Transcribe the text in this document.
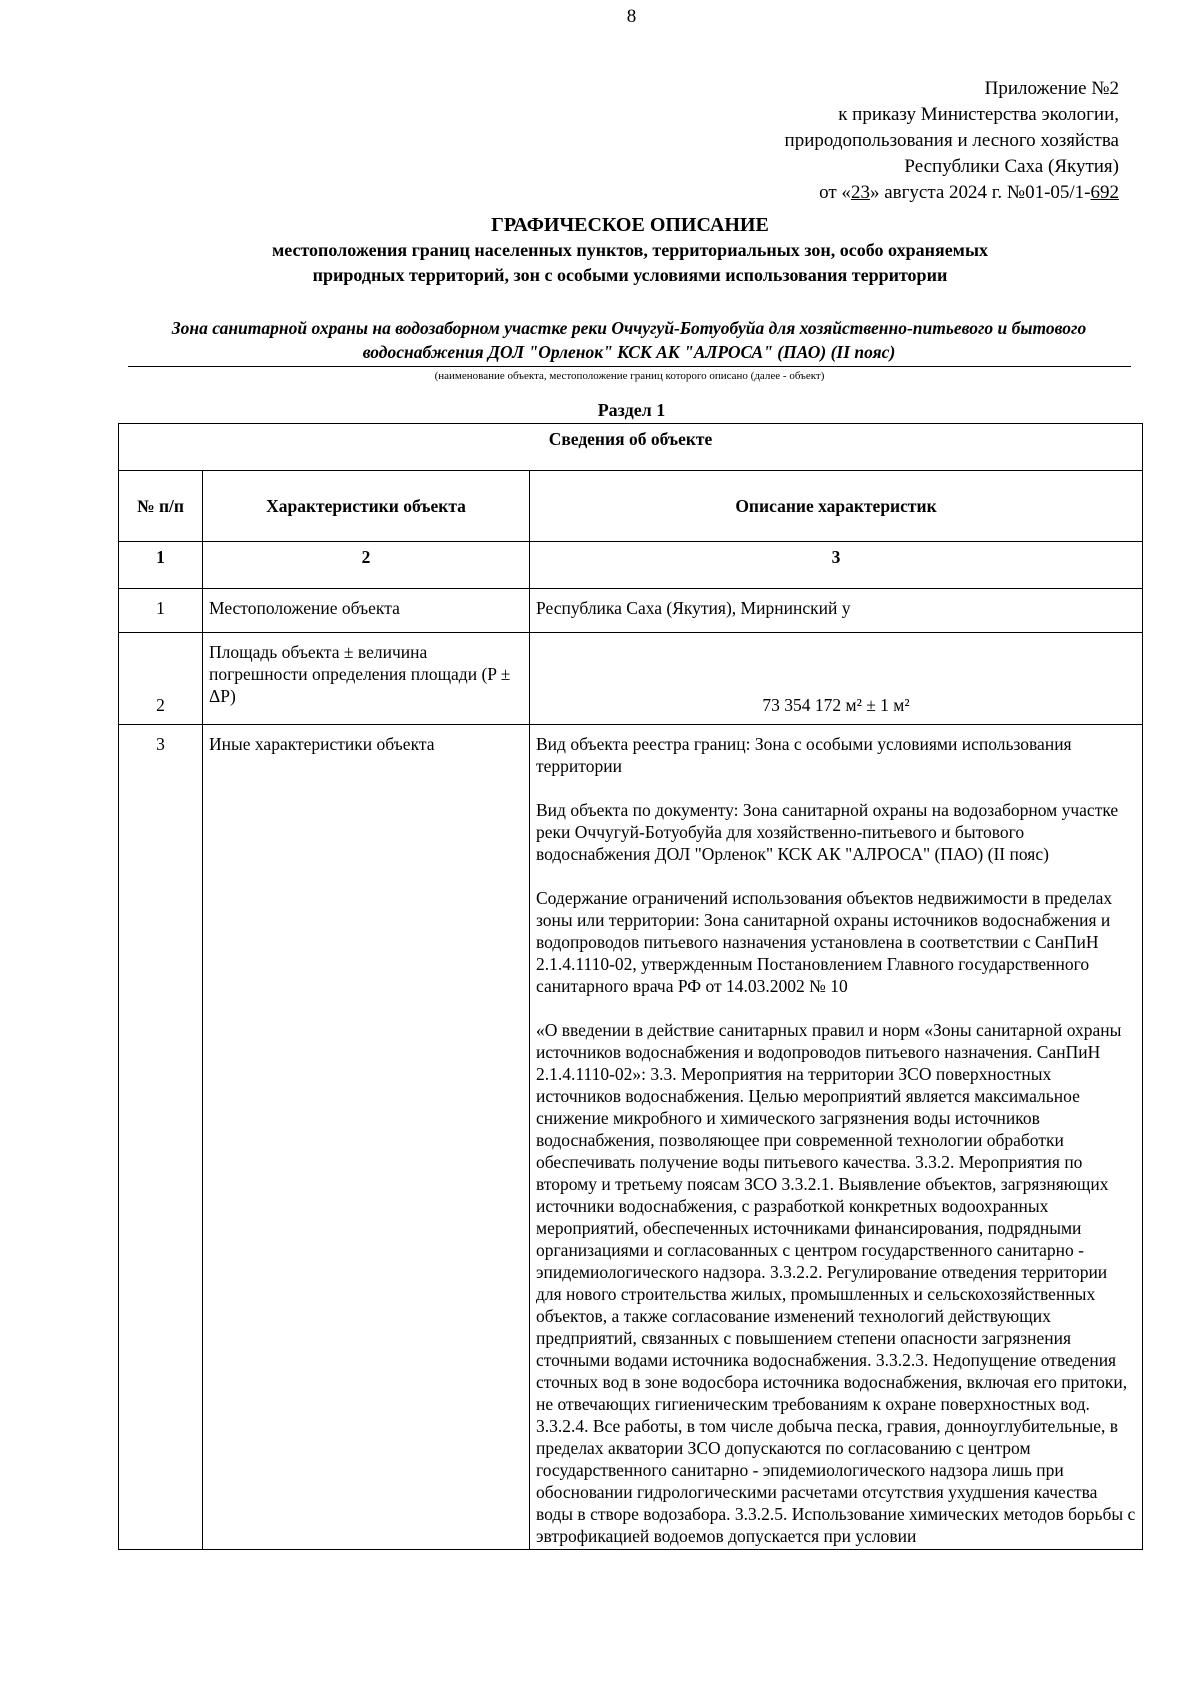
8
Приложение №2
к приказу Министерства экологии,
природопользования и лесного хозяйства
Республики Саха (Якутия)
от «23» августа 2024 г. №01-05/1-692
ГРАФИЧЕСКОЕ ОПИСАНИЕ
местоположения границ населенных пунктов, территориальных зон, особо охраняемых природных территорий, зон с особыми условиями использования территории
Зона санитарной охраны на водозаборном участке реки Оччугуй-Ботуобуйа для хозяйственно-питьевого и бытового водоснабжения ДОЛ "Орленок" КСК АК "АЛРОСА" (ПАО) (II пояс)
(наименование объекта, местоположение границ которого описано (далее - объект)
Раздел 1
Сведения об объекте		
№ п/п	Характеристики объекта	Описание характеристик
1	2	3
1	Местоположение объекта	Республика Саха (Якутия), Мирнинский у
2	Площадь объекта ± величина погрешности определения площади (P ± ΔP)	73 354 172 м² ± 1 м²
3	Иные характеристики объекта	Вид объекта реестра границ: Зона с особыми условиями использования территории
Вид объекта по документу: Зона санитарной охраны на водозаборном участке реки Оччугуй-Ботуобуйа для хозяйственно-питьевого и бытового водоснабжения ДОЛ "Орленок" КСК АК "АЛРОСА" (ПАО) (II пояс)
Содержание ограничений использования объектов недвижимости в пределах зоны или территории: Зона санитарной охраны источников водоснабжения и водопроводов питьевого назначения установлена в соответствии с СанПиН 2.1.4.1110-02, утвержденным Постановлением Главного государственного санитарного врача РФ от 14.03.2002 № 10
«О введении в действие санитарных правил и норм «Зоны санитарной охраны источников водоснабжения и водопроводов питьевого назначения. СанПиН 2.1.4.1110-02»: 3.3. Мероприятия на территории ЗСО поверхностных источников водоснабжения. Целью мероприятий является максимальное снижение микробного и химического загрязнения воды источников водоснабжения, позволяющее при современной технологии обработки обеспечивать получение воды питьевого качества. 3.3.2. Мероприятия по второму и третьему поясам ЗСО 3.3.2.1. Выявление объектов, загрязняющих источники водоснабжения, с разработкой конкретных водоохранных мероприятий, обеспеченных источниками финансирования, подрядными организациями и согласованных с центром государственного санитарно - эпидемиологического надзора. 3.3.2.2. Регулирование отведения территории для нового строительства жилых, промышленных и сельскохозяйственных объектов, а также согласование изменений технологий действующих предприятий, связанных с повышением степени опасности загрязнения сточными водами источника водоснабжения. 3.3.2.3. Недопущение отведения сточных вод в зоне водосбора источника водоснабжения, включая его притоки, не отвечающих гигиеническим требованиям к охране поверхностных вод. 3.3.2.4. Все работы, в том числе добыча песка, гравия, донноуглубительные, в пределах акватории ЗСО допускаются по согласованию с центром государственного санитарно - эпидемиологического надзора лишь при обосновании гидрологическими расчетами отсутствия ухудшения качества воды в створе водозабора. 3.3.2.5. Использование химических методов борьбы с эвтрофикацией водоемов допускается при условии
